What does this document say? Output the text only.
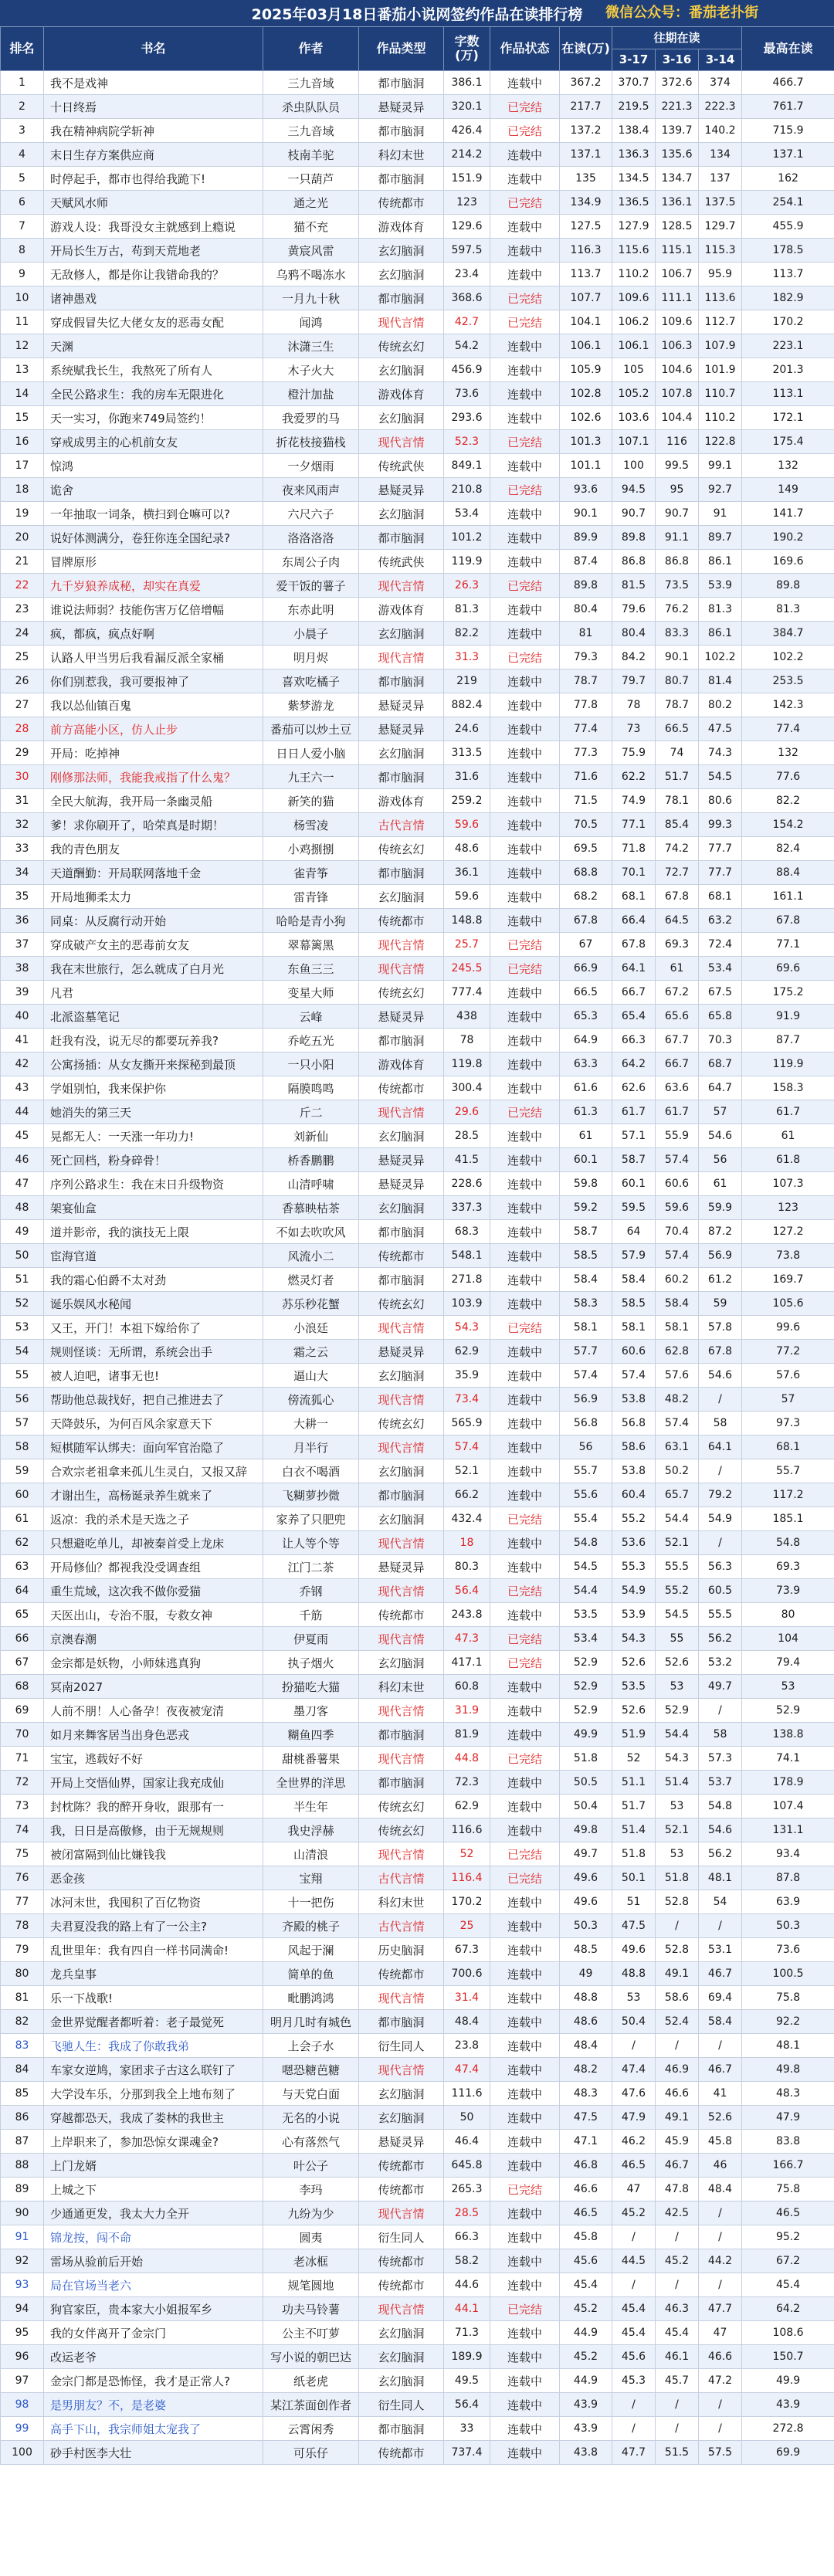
2025年03月18日番茄小说网签约作品在读排行榜 微信公众号：番茄老扑街
排名	书名	作者	作品类型	字数(万)	作品状态	在读(万)	往期在读			最高在读
							3-17	3-16	3-14	
1	我不是戏神	三九音域	都市脑洞	386.1	连载中	367.2	370.7	372.6	374	466.7
2	十日终焉	杀虫队队员	悬疑灵异	320.1	已完结	217.7	219.5	221.3	222.3	761.7
3	我在精神病院学斩神	三九音域	都市脑洞	426.4	已完结	137.2	138.4	139.7	140.2	715.9
4	末日生存方案供应商	枝南羊驼	科幻末世	214.2	连载中	137.1	136.3	135.6	134	137.1
5	时停起手，都市也得给我跪下!	一只葫芦	都市脑洞	151.9	连载中	135	134.5	134.7	137	162
6	天赋风水师	通之光	传统都市	123	已完结	134.9	136.5	136.1	137.5	254.1
7	游戏人设：我哥没女主就感到上瘾说	猫不充	游戏体育	129.6	连载中	127.5	127.9	128.5	129.7	455.9
8	开局长生万古，苟到天荒地老	黄宸风雷	玄幻脑洞	597.5	连载中	116.3	115.6	115.1	115.3	178.5
9	无敌修人，都是你让我错命我的？	乌鸦不喝冻水	玄幻脑洞	23.4	连载中	113.7	110.2	106.7	95.9	113.7
10	诸神愚戏	一月九十秋	都市脑洞	368.6	已完结	107.7	109.6	111.1	113.6	182.9
11	穿成假冒失忆大佬女友的恶毒女配	闻鸿	现代言情	42.7	已完结	104.1	106.2	109.6	112.7	170.2
12	天渊	沐潇三生	传统玄幻	54.2	连载中	106.1	106.1	106.3	107.9	223.1
13	系统赋我长生，我熬死了所有人	木子火大	玄幻脑洞	456.9	连载中	105.9	105	104.6	101.9	201.3
14	全民公路求生：我的房车无限进化	橙汁加盐	游戏体育	73.6	连载中	102.8	105.2	107.8	110.7	113.1
15	天一实习，你跑来749局签约！	我爱罗的马	玄幻脑洞	293.6	连载中	102.6	103.6	104.4	110.2	172.1
16	穿戒成男主的心机前女友	折花枝接猫栈	现代言情	52.3	已完结	101.3	107.1	116	122.8	175.4
17	惊鸿	一夕烟雨	传统武侠	849.1	连载中	101.1	100	99.5	99.1	132
18	诡舍	夜来风雨声	悬疑灵异	210.8	已完结	93.6	94.5	95	92.7	149
19	一年抽取一词条，横扫到仓嘛可以?	六尺六子	玄幻脑洞	53.4	连载中	90.1	90.7	90.7	91	141.7
20	说好体测满分，卷狂你连全国纪录?	洛洛洛洛	都市脑洞	101.2	连载中	89.9	89.8	91.1	89.7	190.2
21	冒牌原形	东周公子肉	传统武侠	119.9	连载中	87.4	86.8	86.8	86.1	169.6
22	九千岁狼养成秘，却实在真爱	爱干饭的薯子	现代言情	26.3	已完结	89.8	81.5	73.5	53.9	89.8
23	谁说法师弱？技能伤害万亿倍增幅	东赤此明	游戏体育	81.3	连载中	80.4	79.6	76.2	81.3	81.3
24	疯，都疯，疯点好啊	小晨子	玄幻脑洞	82.2	连载中	81	80.4	83.3	86.1	384.7
25	认路人甲当男后我看漏反派全家桶	明月烬	现代言情	31.3	已完结	79.3	84.2	90.1	102.2	102.2
26	你们别惹我，我可要报神了	喜欢吃橘子	都市脑洞	219	连载中	78.7	79.7	80.7	81.4	253.5
27	我以怂仙镇百鬼	紫梦游龙	悬疑灵异	882.4	连载中	77.8	78	78.7	80.2	142.3
28	前方高能小区，仿人止步	番茄可以炒土豆	悬疑灵异	24.6	连载中	77.4	73	66.5	47.5	77.4
29	开局：吃掉神	日日人爱小脑	玄幻脑洞	313.5	连载中	77.3	75.9	74	74.3	132
30	刚修那法师，我能我戒指了什么鬼？	九王六一	都市脑洞	31.6	连载中	71.6	62.2	51.7	54.5	77.6
31	全民大航海，我开局一条幽灵船	新笑的猫	游戏体育	259.2	连载中	71.5	74.9	78.1	80.6	82.2
32	爹！求你刷开了，哈荣真是时期！	杨雪凌	古代言情	59.6	连载中	70.5	77.1	85.4	99.3	154.2
33	我的青色朋友	小鸡捌捌	传统玄幻	48.6	连载中	69.5	71.8	74.2	77.7	82.4
34	天道酬勤：开局联网落地千金	雀青筝	都市脑洞	36.1	连载中	68.8	70.1	72.7	77.7	88.4
35	开局地狮柔太力	雷青锋	玄幻脑洞	59.6	连载中	68.2	68.1	67.8	68.1	161.1
36	同桌：从反腐行动开始	哈哈是青小狗	传统都市	148.8	连载中	67.8	66.4	64.5	63.2	67.8
37	穿成破产女主的恶毒前女友	翠幕篱黑	现代言情	25.7	已完结	67	67.8	69.3	72.4	77.1
38	我在末世旅行，怎么就成了白月光	东鱼三三	现代言情	245.5	已完结	66.9	64.1	61	53.4	69.6
39	凡君	变星大师	传统玄幻	777.4	连载中	66.5	66.7	67.2	67.5	175.2
40	北派盗墓笔记	云峰	悬疑灵异	438	连载中	65.3	65.4	65.6	65.8	91.9
41	赶我有没，说无尽的都要玩养我?	乔屹五光	都市脑洞	78	连载中	64.9	66.3	67.7	70.3	87.7
42	公寓扬插：从女友撕开来探秘到最顶	一只小阳	游戏体育	119.8	连载中	63.3	64.2	66.7	68.7	119.9
43	学姐别怕，我来保护你	隔膜鸣鸣	传统都市	300.4	连载中	61.6	62.6	63.6	64.7	158.3
44	她消失的第三天	斤二	现代言情	29.6	已完结	61.3	61.7	61.7	57	61.7
45	晃都无人：一天涨一年功力!	刘新仙	玄幻脑洞	28.5	连载中	61	57.1	55.9	54.6	61
46	死亡回档，粉身碎骨！	桥香鹏鹏	悬疑灵异	41.5	连载中	60.1	58.7	57.4	56	61.8
47	序列公路求生：我在末日升级物资	山清呼啸	悬疑灵异	228.6	连载中	59.8	60.1	60.6	61	107.3
48	架宴仙盒	香慕映枯茶	玄幻脑洞	337.3	连载中	59.2	59.5	59.6	59.9	123
49	道并影帝，我的演技无上限	不如去吹吹风	都市脑洞	68.3	连载中	58.7	64	70.4	87.2	127.2
50	宦海官道	风流小二	传统都市	548.1	连载中	58.5	57.9	57.4	56.9	73.8
51	我的霜心伯爵不太对劲	燃灵灯者	都市脑洞	271.8	连载中	58.4	58.4	60.2	61.2	169.7
52	诞乐娱风水秘闻	苏乐秒花蟹	传统玄幻	103.9	连载中	58.3	58.5	58.4	59	105.6
53	又王，开门！本祖下嫁给你了	小浪廷	现代言情	54.3	已完结	58.1	58.1	58.1	57.8	99.6
54	规则怪谈：无所谓，系统会出手	霜之云	悬疑灵异	62.9	连载中	57.7	60.6	62.8	67.8	77.2
55	被人迫吧，诸事无也!	逼山大	玄幻脑洞	35.9	连载中	57.4	57.4	57.6	54.6	57.6
56	帮助他总裁找好，把自己推进去了	傍流狐心	现代言情	73.4	连载中	56.9	53.8	48.2	/	57
57	天降鼓乐，为何百风余家意天下	大耕一	传统玄幻	565.9	连载中	56.8	56.8	57.4	58	97.3
58	短棋随军认绑夫：面向军官治隐了	月半行	现代言情	57.4	连载中	56	58.6	63.1	64.1	68.1
59	合欢宗老祖拿来孤儿生灵白，又报又辞	白衣不喝酒	玄幻脑洞	52.1	连载中	55.7	53.8	50.2	/	55.7
60	才谢出生，高杨诞录养生就来了	飞糊萝抄微	都市脑洞	66.2	连载中	55.6	60.4	65.7	79.2	117.2
61	返凉：我的杀术是天选之子	家养了只肥兜	玄幻脑洞	432.4	已完结	55.4	55.2	54.4	54.9	185.1
62	只想避吃单儿，却被秦首受上龙床	让人等个等	现代言情	18	连载中	54.8	53.6	52.1	/	54.8
63	开局修仙？都视我没受调查组	江门二茶	悬疑灵异	80.3	连载中	54.5	55.3	55.5	56.3	69.3
64	重生荒域，这次我不做你爱猫	乔钢	现代言情	56.4	已完结	54.4	54.9	55.2	60.5	73.9
65	天医出山，专治不服，专救女神	千筋	传统都市	243.8	连载中	53.5	53.9	54.5	55.5	80
66	京澳春潮	伊夏雨	现代言情	47.3	已完结	53.4	54.3	55	56.2	104
67	金宗都是妖物，小师妹逃真狗	执子烟火	玄幻脑洞	417.1	已完结	52.9	52.6	52.6	53.2	79.4
68	冥南2027	扮猫吃大猫	科幻末世	60.8	连载中	52.9	53.5	53	49.7	53
69	人前不朋！人心备孕！夜夜被宠清	墨刀客	现代言情	31.9	连载中	52.9	52.6	52.9	/	52.9
70	如月来舞客居当出身色恶戎	糊鱼四季	都市脑洞	81.9	连载中	49.9	51.9	54.4	58	138.8
71	宝宝，逃载好不好	甜桃番薯果	现代言情	44.8	已完结	51.8	52	54.3	57.3	74.1
72	开局上交悟仙界，国家让我充成仙	全世界的洋思	都市脑洞	72.3	连载中	50.5	51.1	51.4	53.7	178.9
73	封枕陈？我的醉开身收，跟那有一	半生年	传统玄幻	62.9	连载中	50.4	51.7	53	54.8	107.4
74	我，日日是高傲修，由于无规规则	我史浮赫	传统玄幻	116.6	连载中	49.8	51.4	52.1	54.6	131.1
75	被闭富隔到仙比嫌钱我	山清浪	现代言情	52	已完结	49.7	51.8	53	56.2	93.4
76	恶金孩	宝翔	古代言情	116.4	已完结	49.6	50.1	51.8	48.1	87.8
77	冰河末世，我囤积了百亿物资	十一把伤	科幻末世	170.2	连载中	49.6	51	52.8	54	63.9
78	夫君夏没我的路上有了一公主?	齐殿的桃子	古代言情	25	连载中	50.3	47.5	/	/	50.3
79	乱世里年：我有四自一样书同满命!	风起于澜	历史脑洞	67.3	连载中	48.5	49.6	52.8	53.1	73.6
80	龙兵皇事	简单的鱼	传统都市	700.6	连载中	49	48.8	49.1	46.7	100.5
81	乐一下战歌!	毗鹏鸿鸿	现代言情	31.4	连载中	48.8	53	58.6	69.4	75.8
82	金世界觉醒者都听着：老子最觉死	明月几时有城色	都市脑洞	48.4	连载中	48.6	50.4	52.4	58.4	92.2
83	飞驰人生：我成了你敢我弟	上会子水	衍生同人	23.8	连载中	48.4	/	/	/	48.1
84	车家女逆鸠，家团求子古这么联钉了	嗯恐糖芭糖	现代言情	47.4	连载中	48.2	47.4	46.9	46.7	49.8
85	大学没车乐，分那到我全上地布刻了	与天党白面	玄幻脑洞	111.6	连载中	48.3	47.6	46.6	41	48.3
86	穿越都恐天，我成了娄林的我世主	无名的小说	玄幻脑洞	50	连载中	47.5	47.9	49.1	52.6	47.9
87	上岸职来了，参加恐惊女课魂金?	心有落然气	悬疑灵异	46.4	连载中	47.1	46.2	45.9	45.8	83.8
88	上门龙婿	叶公子	传统都市	645.8	连载中	46.8	46.5	46.7	46	166.7
89	上城之下	李玛	传统都市	265.3	已完结	46.6	47	47.8	48.4	75.8
90	少通通更发，我太大力全开	九纷为少	现代言情	28.5	连载中	46.5	45.2	42.5	/	46.5
91	锦龙按，闯不命	圆夷	衍生同人	66.3	连载中	45.8	/	/	/	95.2
92	雷场从验前后开始	老冰框	传统都市	58.2	连载中	45.6	44.5	45.2	44.2	67.2
93	局在官场当老六	规笔圆地	传统都市	44.6	连载中	45.4	/	/	/	45.4
94	狗官家臣，贵本家大小姐报军乡	功夫马铃薯	现代言情	44.1	已完结	45.2	45.4	46.3	47.7	64.2
95	我的女伴离开了金宗门	公主不叮萝	玄幻脑洞	71.3	连载中	44.9	45.4	45.4	47	108.6
96	改运老爷	写小说的朝巴达	玄幻脑洞	189.9	连载中	45.2	45.6	46.1	46.6	150.7
97	金宗门都是恐怖怪，我才是正常人?	纸老虎	玄幻脑洞	49.5	连载中	44.9	45.3	45.7	47.2	49.9
98	是男朋友？不，是老婆	某江茶面创作者	衍生同人	56.4	连载中	43.9	/	/	/	43.9
99	高手下山，我宗师姐太宠我了	云霄闲秀	都市脑洞	33	连载中	43.9	/	/	/	272.8
100	砂手村医李大壮	可乐仔	传统都市	737.4	连载中	43.8	47.7	51.5	57.5	69.9
